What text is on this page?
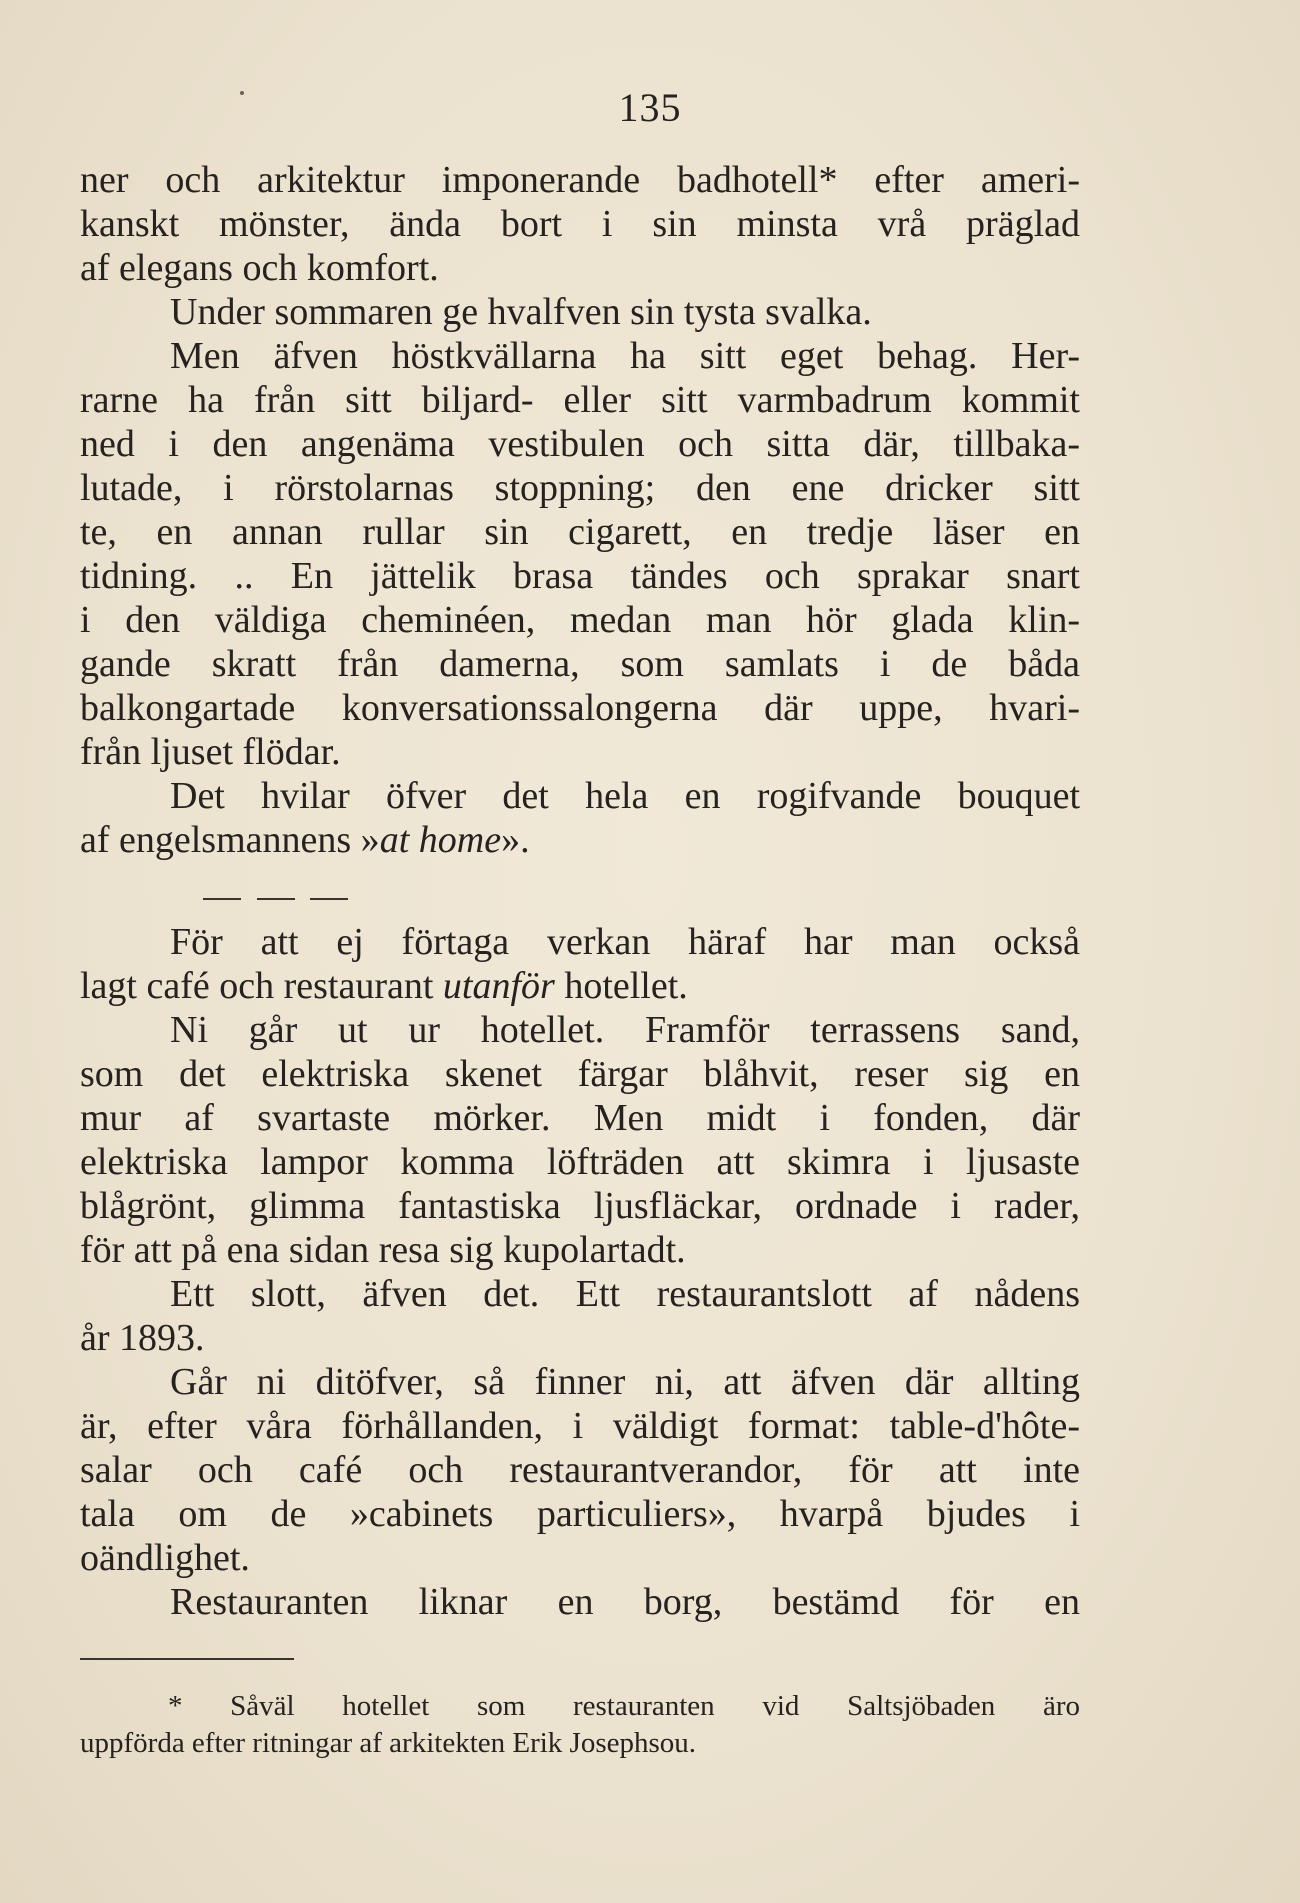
135
ner och arkitektur imponerande badhotell* efter ameri-
kanskt mönster, ända bort i sin minsta vrå präglad
af elegans och komfort.
Under sommaren ge hvalfven sin tysta svalka.
Men äfven höstkvällarna ha sitt eget behag. Her-
rarne ha från sitt biljard- eller sitt varmbadrum kommit
ned i den angenäma vestibulen och sitta där, tillbaka-
lutade, i rörstolarnas stoppning; den ene dricker sitt
te, en annan rullar sin cigarett, en tredje läser en
tidning. .. En jättelik brasa tändes och sprakar snart
i den väldiga cheminéen, medan man hör glada klin-
gande skratt från damerna, som samlats i de båda
balkongartade konversationssalongerna där uppe, hvari-
från ljuset flödar.
Det hvilar öfver det hela en rogifvande bouquet
af engelsmannens »at home».
För att ej förtaga verkan häraf har man också
lagt café och restaurant utanför hotellet.
Ni går ut ur hotellet. Framför terrassens sand,
som det elektriska skenet färgar blåhvit, reser sig en
mur af svartaste mörker. Men midt i fonden, där
elektriska lampor komma löfträden att skimra i ljusaste
blågrönt, glimma fantastiska ljusfläckar, ordnade i rader,
för att på ena sidan resa sig kupolartadt.
Ett slott, äfven det. Ett restaurantslott af nådens
år 1893.
Går ni ditöfver, så finner ni, att äfven där allting
är, efter våra förhållanden, i väldigt format: table-d'hôte-
salar och café och restaurantverandor, för att inte
tala om de »cabinets particuliers», hvarpå bjudes i
oändlighet.
Restauranten liknar en borg, bestämd för en
* Såväl hotellet som restauranten vid Saltsjöbaden äro
uppförda efter ritningar af arkitekten Erik Josephsou.
